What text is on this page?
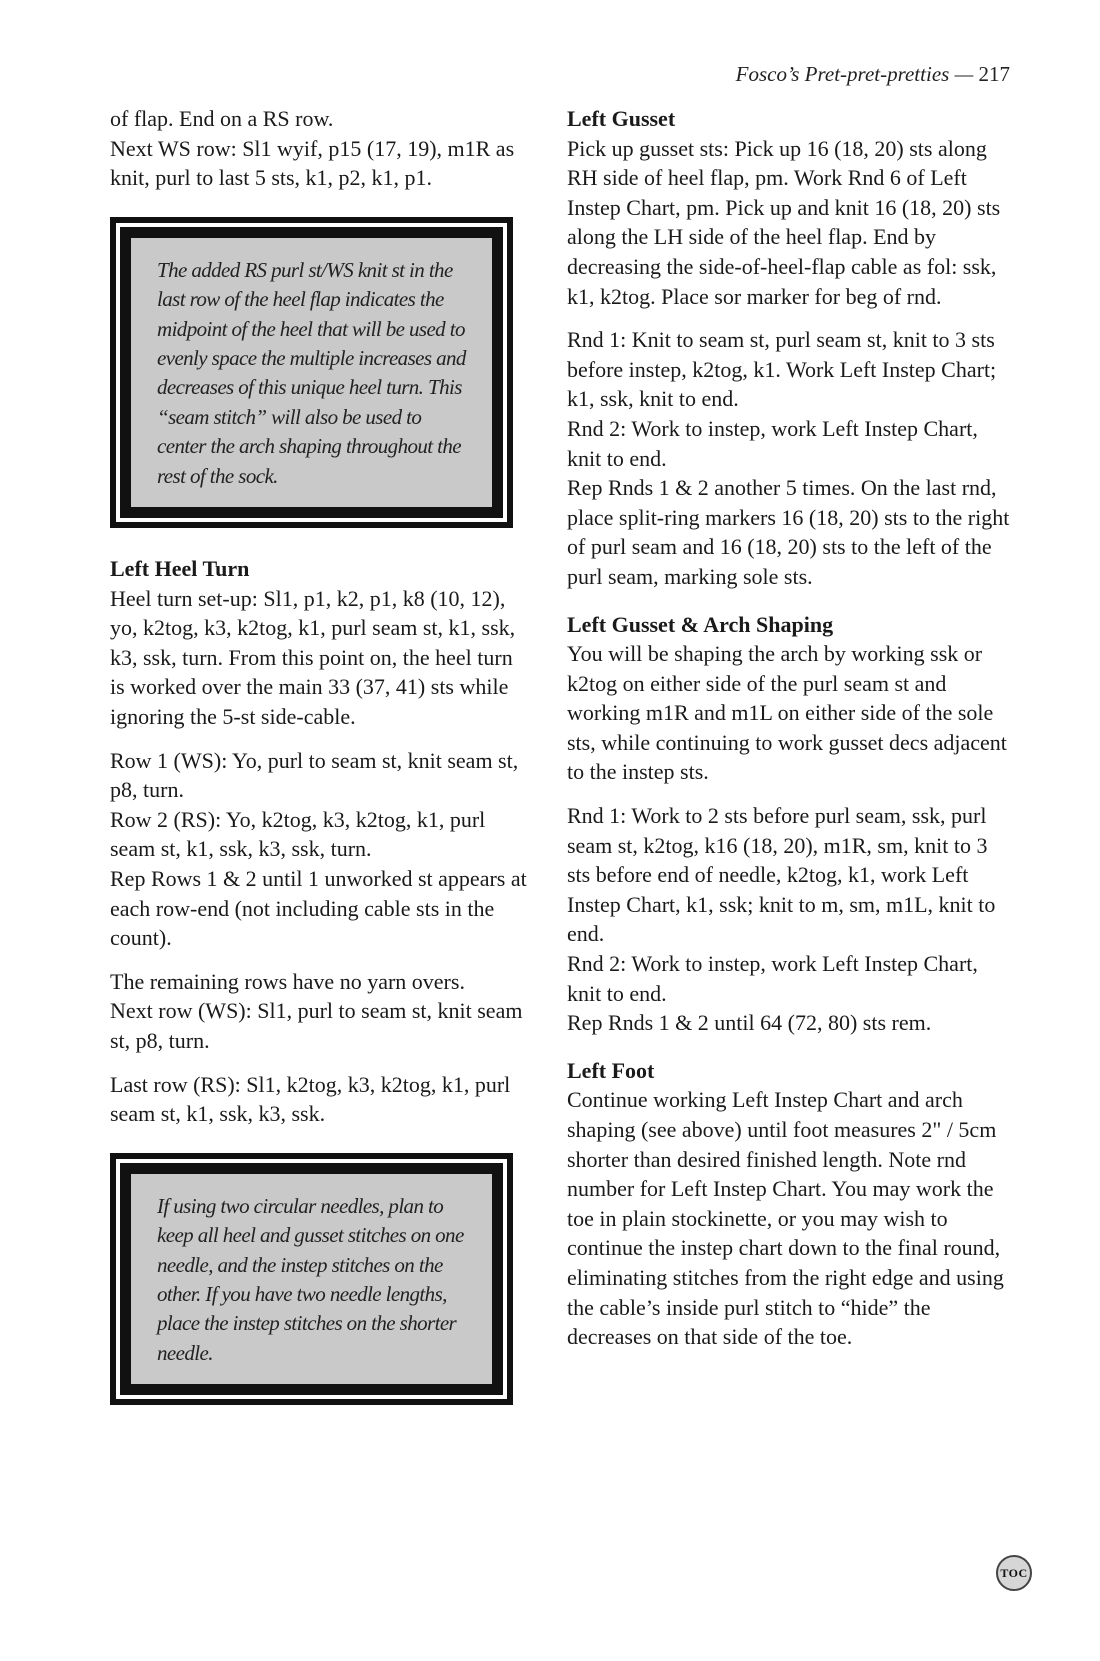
Fosco’s Pret-pret-pretties — 217

of flap. End on a RS row.

Next WS row: Sl1 wyif, p15 (17, 19), m1R as knit, purl to last 5 sts, k1, p2, k1, p1.

The added RS purl st/WS knit st in the last row of the heel flap indicates the midpoint of the heel that will be used to evenly space the multiple increases and decreases of this unique heel turn. This “seam stitch” will also be used to center the arch shaping throughout the rest of the sock.
Left Heel Turn

Heel turn set-up: Sl1, p1, k2, p1, k8 (10, 12), yo, k2tog, k3, k2tog, k1, purl seam st, k1, ssk, k3, ssk, turn. From this point on, the heel turn is worked over the main 33 (37, 41) sts while ignoring the 5-st side-cable.

Row 1 (WS): Yo, purl to seam st, knit seam st, p8, turn.

Row 2 (RS): Yo, k2tog, k3, k2tog, k1, purl seam st, k1, ssk, k3, ssk, turn.

Rep Rows 1 & 2 until 1 unworked st appears at each row-end (not including cable sts in the count).

The remaining rows have no yarn overs.

Next row (WS): Sl1, purl to seam st, knit seam st, p8, turn.

Last row (RS): Sl1, k2tog, k3, k2tog, k1, purl seam st, k1, ssk, k3, ssk.

If using two circular needles, plan to keep all heel and gusset stitches on one needle, and the instep stitches on the other. If you have two needle lengths, place the instep stitches on the shorter needle.
Left Gusset

Pick up gusset sts: Pick up 16 (18, 20) sts along RH side of heel flap, pm. Work Rnd 6 of Left Instep Chart, pm. Pick up and knit 16 (18, 20) sts along the LH side of the heel flap. End by decreasing the side-of-heel-flap cable as fol: ssk, k1, k2tog. Place sor marker for beg of rnd.

Rnd 1: Knit to seam st, purl seam st, knit to 3 sts before instep, k2tog, k1. Work Left Instep Chart; k1, ssk, knit to end.

Rnd 2: Work to instep, work Left Instep Chart, knit to end.

Rep Rnds 1 & 2 another 5 times. On the last rnd, place split-ring markers 16 (18, 20) sts to the right of purl seam and 16 (18, 20) sts to the left of the purl seam, marking sole sts.

Left Gusset & Arch Shaping

You will be shaping the arch by working ssk or k2tog on either side of the purl seam st and working m1R and m1L on either side of the sole sts, while continuing to work gusset decs adjacent to the instep sts.

Rnd 1: Work to 2 sts before purl seam, ssk, purl seam st, k2tog, k16 (18, 20), m1R, sm, knit to 3 sts before end of needle, k2tog, k1, work Left Instep Chart, k1, ssk; knit to m, sm, m1L, knit to end.

Rnd 2: Work to instep, work Left Instep Chart, knit to end.

Rep Rnds 1 & 2 until 64 (72, 80) sts rem.

Left Foot

Continue working Left Instep Chart and arch shaping (see above) until foot measures 2" / 5cm shorter than desired finished length. Note rnd number for Left Instep Chart. You may work the toe in plain stockinette, or you may wish to continue the instep chart down to the final round, eliminating stitches from the right edge and using the cable’s inside purl stitch to “hide” the decreases on that side of the toe.

TOC
